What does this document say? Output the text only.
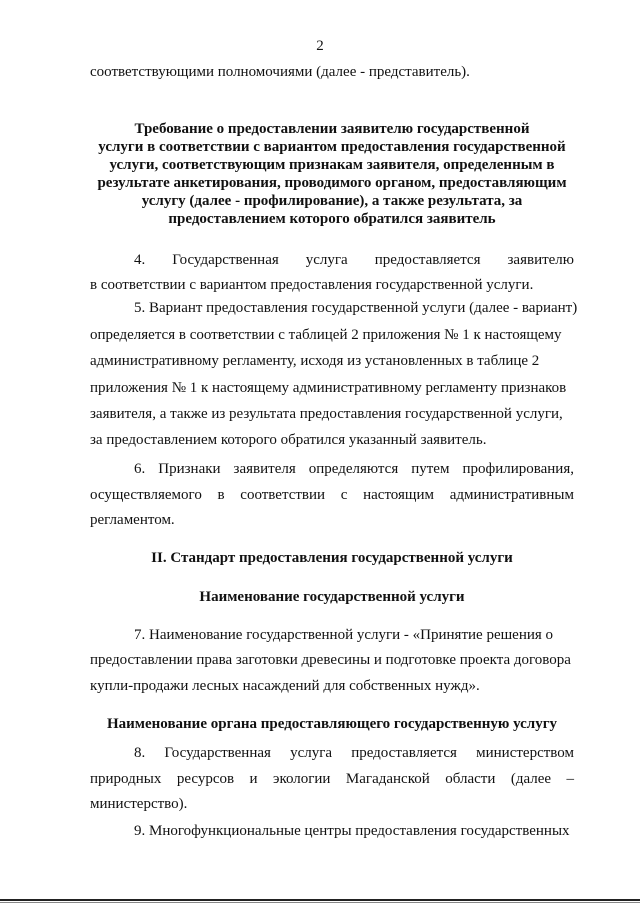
2
соответствующими полномочиями (далее - представитель).
Требование о предоставлении заявителю государственной
услуги в соответствии с вариантом предоставления государственной
услуги, соответствующим признакам заявителя, определенным в
результате анкетирования, проводимого органом, предоставляющим
услугу (далее - профилирование), а также результата, за
предоставлением которого обратился заявитель
4. Государственная услуга предоставляется заявителю
в соответствии с вариантом предоставления государственной услуги.
5. Вариант предоставления государственной услуги (далее - вариант)
определяется в соответствии с таблицей 2 приложения № 1 к настоящему
административному регламенту, исходя из установленных в таблице 2
приложения № 1 к настоящему административному регламенту признаков
заявителя, а также из результата предоставления государственной услуги,
за предоставлением которого обратился указанный заявитель.
6. Признаки заявителя определяются путем профилирования,
осуществляемого в соответствии с настоящим административным
регламентом.
II. Стандарт предоставления государственной услуги
Наименование государственной услуги
7. Наименование государственной услуги - «Принятие решения о
предоставлении права заготовки древесины и подготовке проекта договора
купли-продажи лесных насаждений для собственных нужд».
Наименование органа предоставляющего государственную услугу
8. Государственная услуга предоставляется министерством
природных ресурсов и экологии Магаданской области (далее –
министерство).
9. Многофункциональные центры предоставления государственных
